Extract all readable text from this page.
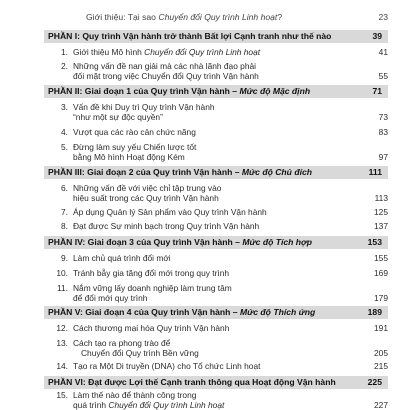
Giới thiệu: Tại sao Chuyển đổi Quy trình Linh hoạt?	23
PHẦN I: Quy trình Vận hành trở thành Bất lợi Cạnh tranh như thế nào	39
1. Giới thiệu Mô hình Chuyển đổi Quy trình Linh hoạt	41
2. Những vấn đề nan giải mà các nhà lãnh đạo phải
đối mặt trong việc Chuyển đổi Quy trình Vận hành	55
PHẦN II: Giai đoạn 1 của Quy trình Vận hành – Mức độ Mặc định	71
3. Vấn đề khi Duy trì Quy trình Vận hành
“như một sự độc quyền”	73
4. Vượt qua các rào cản chức năng	83
5. Đừng làm suy yếu Chiến lược tốt
bằng Mô hình Hoạt động Kém	97
PHẦN III: Giai đoạn 2 của Quy trình Vận hành – Mức độ Chủ đích	111
6. Những vấn đề với việc chỉ tập trung vào
hiệu suất trong các Quy trình Vận hành	113
7. Áp dụng Quản lý Sản phẩm vào Quy trình Vận hành	125
8. Đạt được Sự minh bạch trong Quy trình Vận hành	137
PHẦN IV: Giai đoạn 3 của Quy trình Vận hành – Mức độ Tích hợp	153
9. Làm chủ quá trình đổi mới	155
10. Tránh bẫy gia tăng đổi mới trong quy trình	169
11. Nắm vững lấy doanh nghiệp làm trung tâm
để đổi mới quy trình	179
PHẦN V: Giai đoạn 4 của Quy trình Vận hành – Mức độ Thích ứng	189
12. Cách thương mại hóa Quy trình Vận hành	191
13. Cách tạo ra phong trào để
Chuyển đổi Quy trình Bền vững	205
14. Tạo ra Một Di truyền (DNA) cho Tổ chức Linh hoạt	215
PHẦN VI: Đạt được Lợi thế Cạnh tranh thông qua Hoạt động Vận hành	225
15. Làm thế nào để thành công trong
quá trình Chuyển đổi Quy trình Linh hoạt	227
